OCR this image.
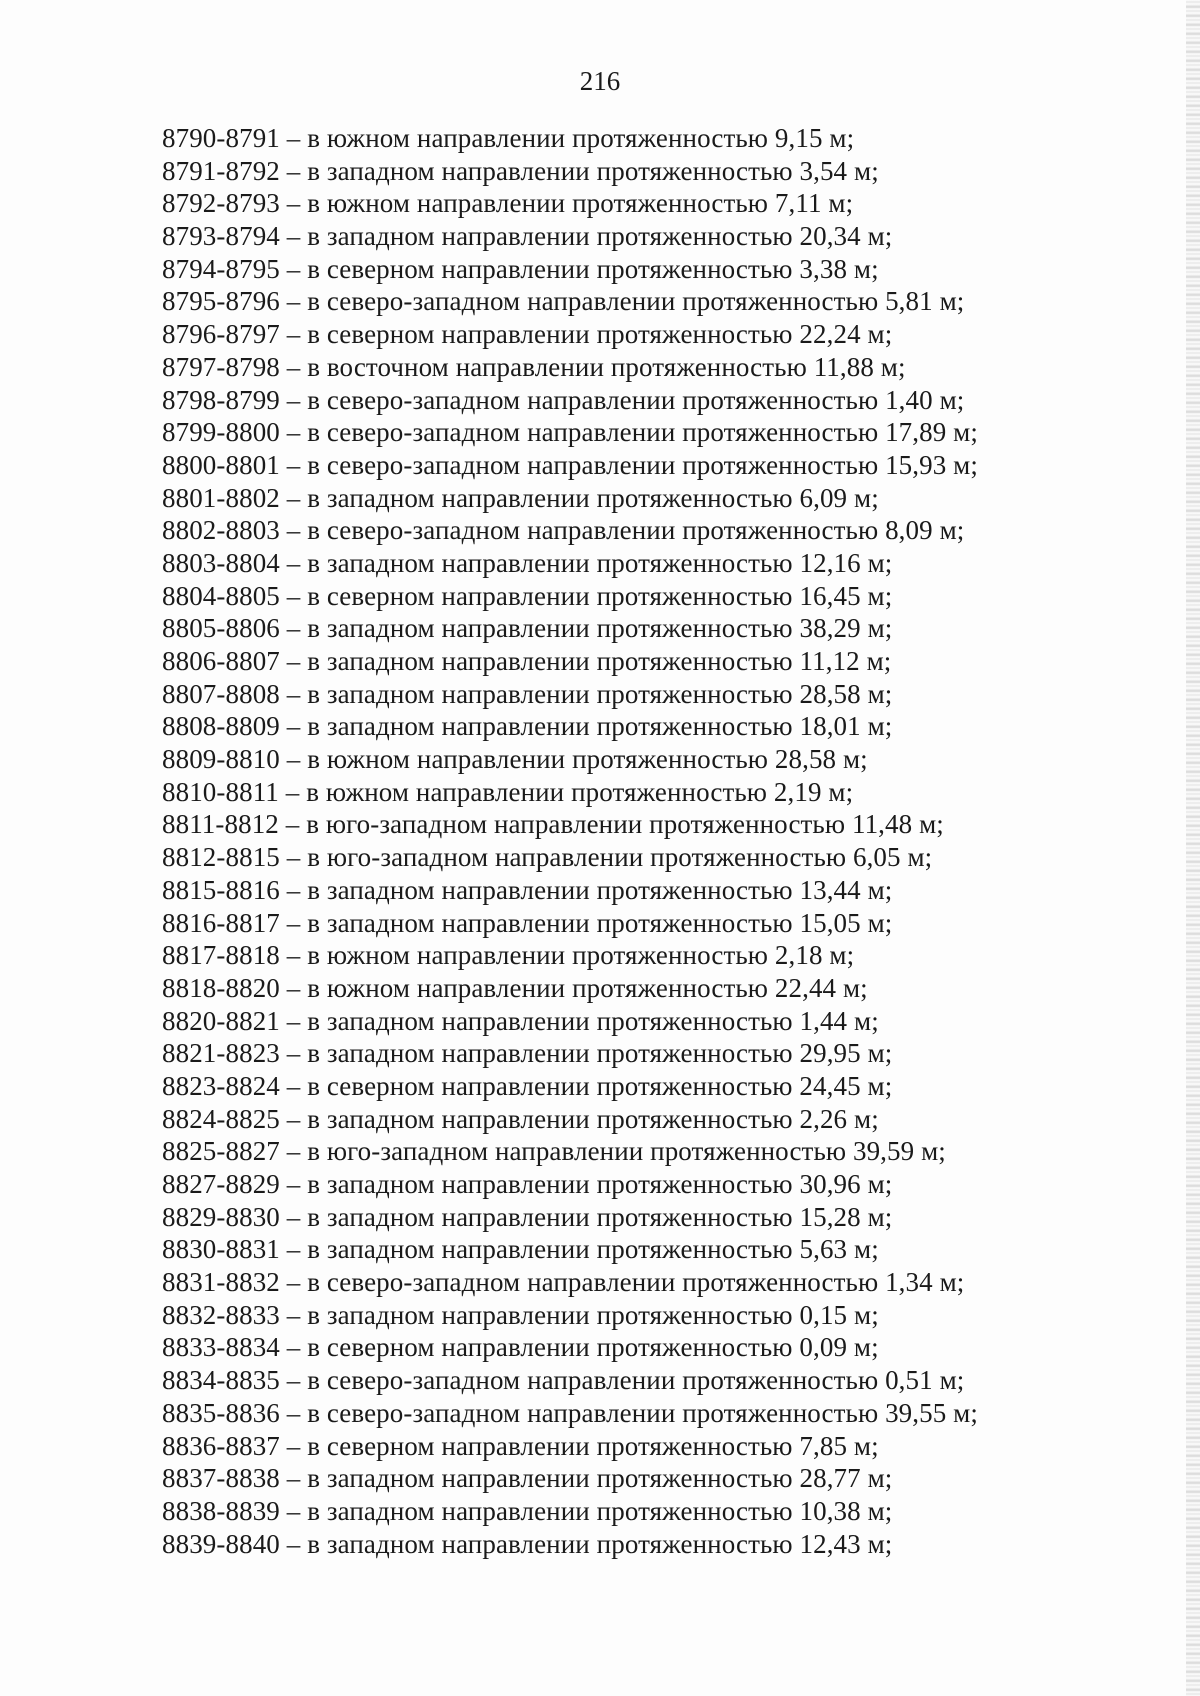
216
8790-8791 – в южном направлении протяженностью 9,15 м;
8791-8792 – в западном направлении протяженностью 3,54 м;
8792-8793 – в южном направлении протяженностью 7,11 м;
8793-8794 – в западном направлении протяженностью 20,34 м;
8794-8795 – в северном направлении протяженностью 3,38 м;
8795-8796 – в северо-западном направлении протяженностью 5,81 м;
8796-8797 – в северном направлении протяженностью 22,24 м;
8797-8798 – в восточном направлении протяженностью 11,88 м;
8798-8799 – в северо-западном направлении протяженностью 1,40 м;
8799-8800 – в северо-западном направлении протяженностью 17,89 м;
8800-8801 – в северо-западном направлении протяженностью 15,93 м;
8801-8802 – в западном направлении протяженностью 6,09 м;
8802-8803 – в северо-западном направлении протяженностью 8,09 м;
8803-8804 – в западном направлении протяженностью 12,16 м;
8804-8805 – в северном направлении протяженностью 16,45 м;
8805-8806 – в западном направлении протяженностью 38,29 м;
8806-8807 – в западном направлении протяженностью 11,12 м;
8807-8808 – в западном направлении протяженностью 28,58 м;
8808-8809 – в западном направлении протяженностью 18,01 м;
8809-8810 – в южном направлении протяженностью 28,58 м;
8810-8811 – в южном направлении протяженностью 2,19 м;
8811-8812 – в юго-западном направлении протяженностью 11,48 м;
8812-8815 – в юго-западном направлении протяженностью 6,05 м;
8815-8816 – в западном направлении протяженностью 13,44 м;
8816-8817 – в западном направлении протяженностью 15,05 м;
8817-8818 – в южном направлении протяженностью 2,18 м;
8818-8820 – в южном направлении протяженностью 22,44 м;
8820-8821 – в западном направлении протяженностью 1,44 м;
8821-8823 – в западном направлении протяженностью 29,95 м;
8823-8824 – в северном направлении протяженностью 24,45 м;
8824-8825 – в западном направлении протяженностью 2,26 м;
8825-8827 – в юго-западном направлении протяженностью 39,59 м;
8827-8829 – в западном направлении протяженностью 30,96 м;
8829-8830 – в западном направлении протяженностью 15,28 м;
8830-8831 – в западном направлении протяженностью 5,63 м;
8831-8832 – в северо-западном направлении протяженностью 1,34 м;
8832-8833 – в западном направлении протяженностью 0,15 м;
8833-8834 – в северном направлении протяженностью 0,09 м;
8834-8835 – в северо-западном направлении протяженностью 0,51 м;
8835-8836 – в северо-западном направлении протяженностью 39,55 м;
8836-8837 – в северном направлении протяженностью 7,85 м;
8837-8838 – в западном направлении протяженностью 28,77 м;
8838-8839 – в западном направлении протяженностью 10,38 м;
8839-8840 – в западном направлении протяженностью 12,43 м;
